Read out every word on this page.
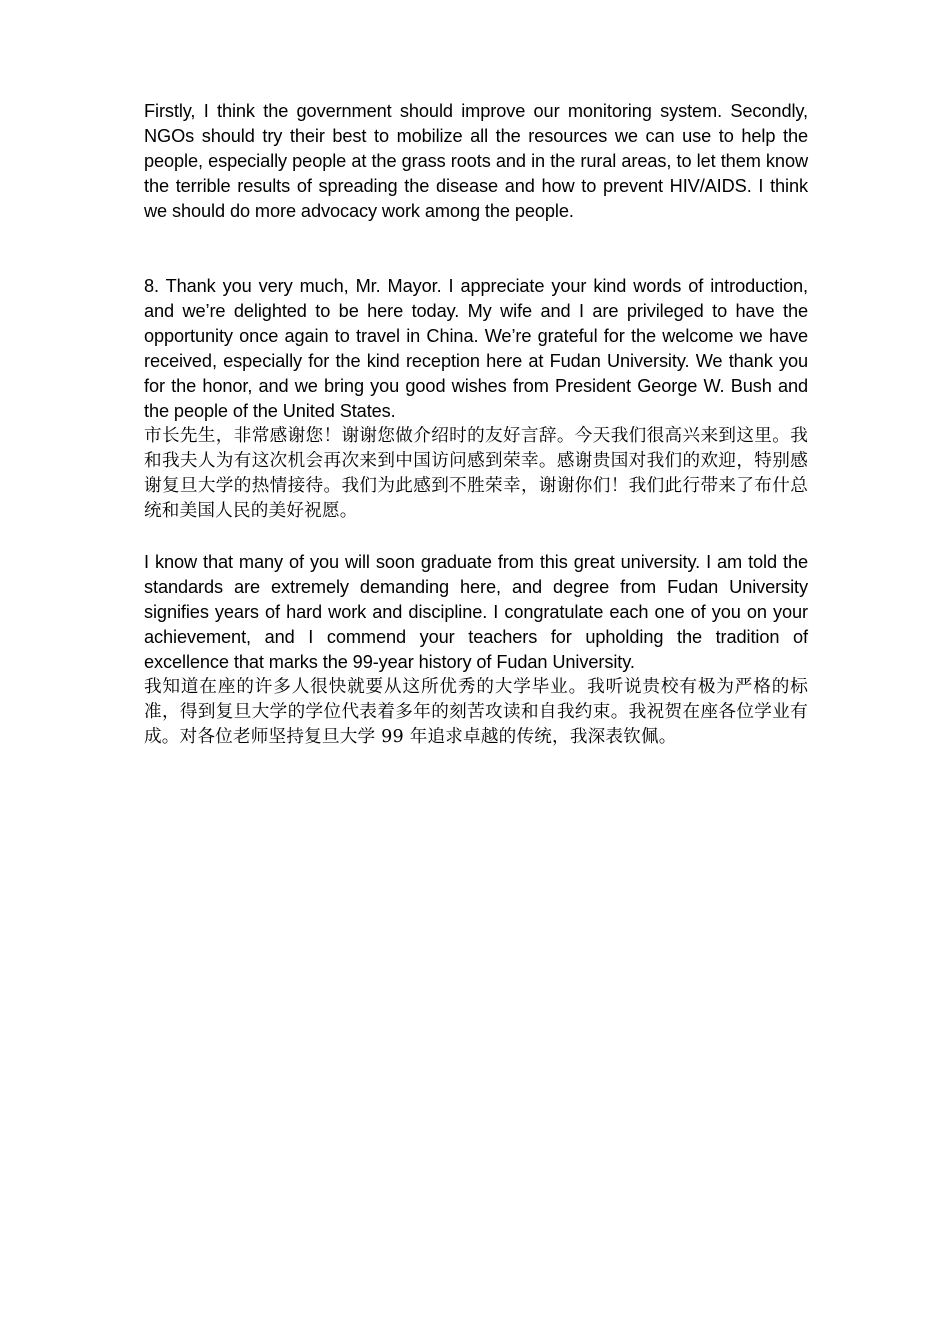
Firstly, I think the government should improve our monitoring system. Secondly, NGOs should try their best to mobilize all the resources we can use to help the people, especially people at the grass roots and in the rural areas, to let them know the terrible results of spreading the disease and how to prevent HIV/AIDS. I think we should do more advocacy work among the people.

8. Thank you very much, Mr. Mayor. I appreciate your kind words of introduction, and we’re delighted to be here today. My wife and I are privileged to have the opportunity once again to travel in China. We’re grateful for the welcome we have received, especially for the kind reception here at Fudan University. We thank you for the honor, and we bring you good wishes from President George W. Bush and the people of the United States.

市长先生，非常感谢您！谢谢您做介绍时的友好言辞。今天我们很高兴来到这里。我和我夫人为有这次机会再次来到中国访问感到荣幸。感谢贵国对我们的欢迎，特别感谢复旦大学的热情接待。我们为此感到不胜荣幸，谢谢你们！我们此行带来了布什总统和美国人民的美好祝愿。

I know that many of you will soon graduate from this great university. I am told the standards are extremely demanding here, and degree from Fudan University signifies years of hard work and discipline. I congratulate each one of you on your achievement, and I commend your teachers for upholding the tradition of excellence that marks the 99-year history of Fudan University.

我知道在座的许多人很快就要从这所优秀的大学毕业。我听说贵校有极为严格的标准，得到复旦大学的学位代表着多年的刻苦攻读和自我约束。我祝贺在座各位学业有成。对各位老师坚持复旦大学 99 年追求卓越的传统，我深表钦佩。
